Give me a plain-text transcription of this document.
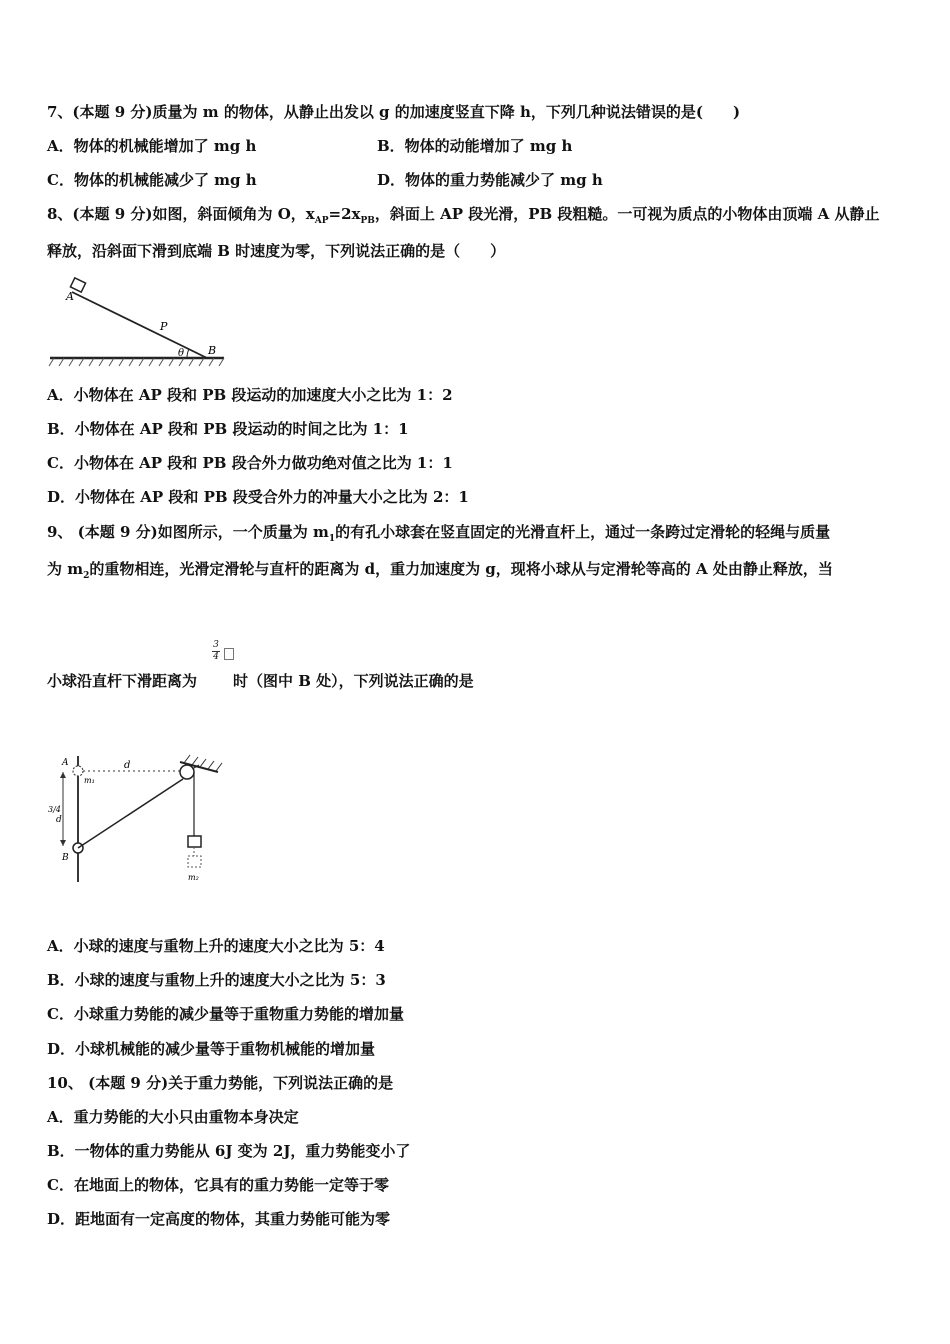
7、(本题 9 分)质量为 m 的物体，从静止出发以 g 的加速度竖直下降 h，下列几种说法错误的是(　　)
A．物体的机械能增加了 mg h	B．物体的动能增加了 mg h
C．物体的机械能减少了 mg h	D．物体的重力势能减少了 mg h
8、(本题 9 分)如图，斜面倾角为 O，$x_{AP}=2x_{PB}$，斜面上 AP 段光滑，PB 段粗糙。一可视为质点的小物体由顶端 A 从静止
释放，沿斜面下滑到底端 B 时速度为零，下列说法正确的是（　　）
A
P
θ B
A．小物体在 AP 段和 PB 段运动的加速度大小之比为 1：2
B．小物体在 AP 段和 PB 段运动的时间之比为 1：1
C．小物体在 AP 段和 PB 段合外力做功绝对值之比为 1：1
D．小物体在 AP 段和 PB 段受合外力的冲量大小之比为 2：1
9、 (本题 9 分)如图所示，一个质量为 $m_1$的有孔小球套在竖直固定的光滑直杆上，通过一条跨过定滑轮的轻绳与质量
为 $m_2$的重物相连，光滑定滑轮与直杆的距离为 d，重力加速度为 g，现将小球从与定滑轮等高的 A 处由静止释放，当
3
4
小球沿直杆下滑距离为 时（图中 B 处），下列说法正确的是
A
m₁
d
3/4
d
B
m₂
A．小球的速度与重物上升的速度大小之比为 5：4
B．小球的速度与重物上升的速度大小之比为 5：3
C．小球重力势能的减少量等于重物重力势能的增加量
D．小球机械能的减少量等于重物机械能的增加量
10、 (本题 9 分)关于重力势能，下列说法正确的是
A．重力势能的大小只由重物本身决定
B．一物体的重力势能从 6J 变为 2J，重力势能变小了
C．在地面上的物体，它具有的重力势能一定等于零
D．距地面有一定高度的物体，其重力势能可能为零
